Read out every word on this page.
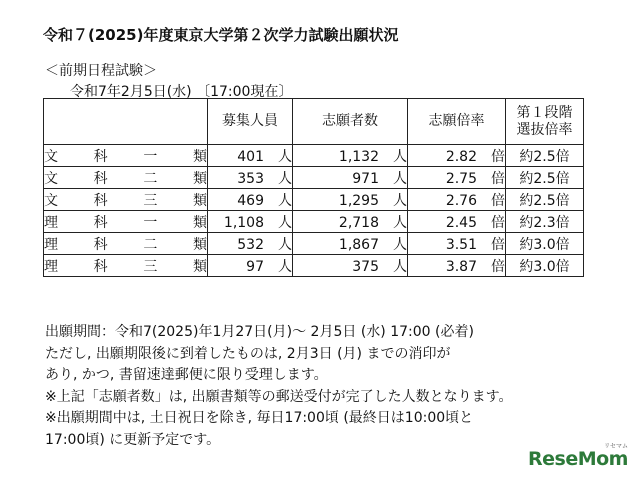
令和７(2025)年度東京大学第２次学力試験出願状況
＜前期日程試験＞
令和7年2月5日(水) 〔17:00現在〕

	募集人員	志願者数	志願倍率	第１段階
選抜倍率

文 科 一 類	401 人	1,132 人	2.82 倍	約2.5倍

文 科 二 類	353 人	971 人	2.75 倍	約2.5倍

文 科 三 類	469 人	1,295 人	2.76 倍	約2.5倍

理 科 一 類	1,108 人	2,718 人	2.45 倍	約2.3倍

理 科 二 類	532 人	1,867 人	3.51 倍	約3.0倍

理 科 三 類	97 人	375 人	3.87 倍	約3.0倍
出願期間：令和7(2025)年1月27日(月)～ 2月5日 (水) 17:00 (必着)
ただし, 出願期限後に到着したものは, 2月3日 (月) までの消印が
あり, かつ, 書留速達郵便に限り受理します。
※上記「志願者数」は, 出願書類等の郵送受付が完了した人数となります。
※出願期間中は, 土日祝日を除き, 毎日17:00頃 (最終日は10:00頃と
17:00頃) に更新予定です。	リセマム
ReseMom
